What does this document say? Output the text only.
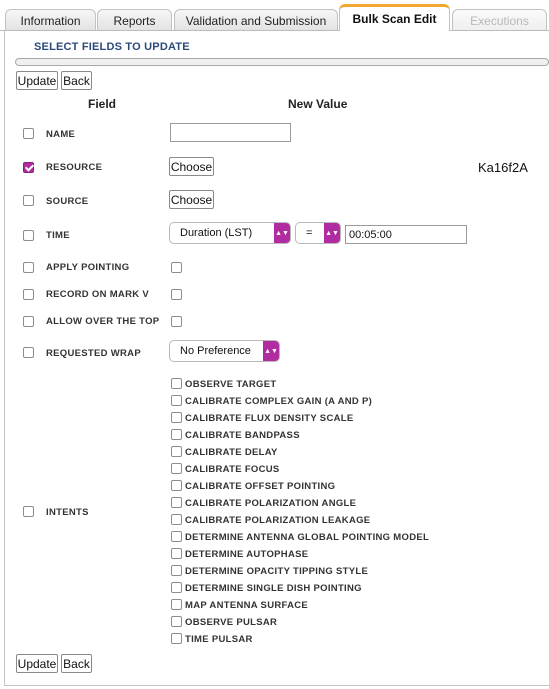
Information	Reports	Validation and Submission	Bulk Scan Edit	Executions
SELECT FIELDS TO UPDATE
Update Back
Field	New Value
NAME
RESOURCE	Choose	Ka16f2A
SOURCE	Choose
TIME	Duration (LST)	▲▼ = ▲▼ 00:05:00
APPLY POINTING
RECORD ON MARK V
ALLOW OVER THE TOP
REQUESTED WRAP	No Preference ▲▼
INTENTS
OBSERVE TARGET
CALIBRATE COMPLEX GAIN (A AND P)
CALIBRATE FLUX DENSITY SCALE
CALIBRATE BANDPASS
CALIBRATE DELAY
CALIBRATE FOCUS
CALIBRATE OFFSET POINTING
CALIBRATE POLARIZATION ANGLE
CALIBRATE POLARIZATION LEAKAGE
DETERMINE ANTENNA GLOBAL POINTING MODEL
DETERMINE AUTOPHASE
DETERMINE OPACITY TIPPING STYLE
DETERMINE SINGLE DISH POINTING
MAP ANTENNA SURFACE
OBSERVE PULSAR
TIME PULSAR
Update Back
